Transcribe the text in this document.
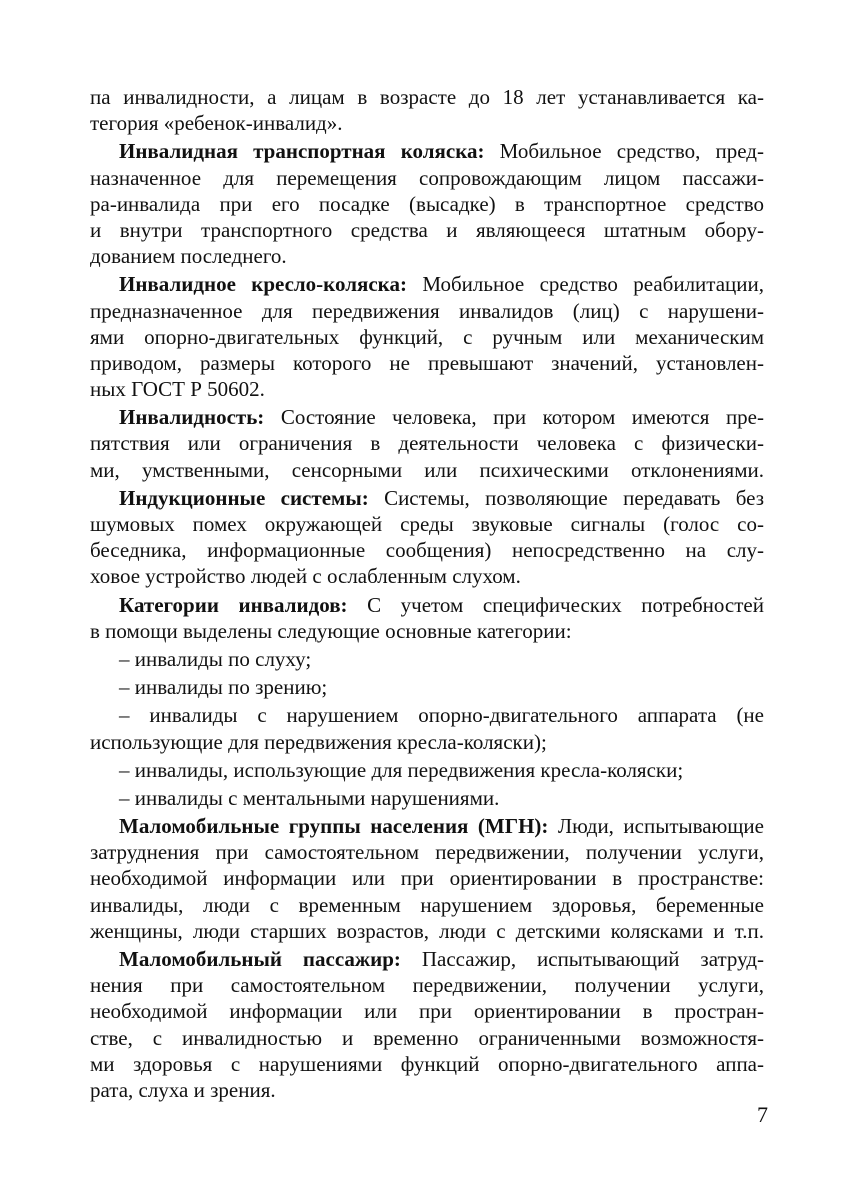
па инвалидности, а лицам в возрасте до 18 лет устанавливается ка-
тегория «ребенок-инвалид».
Инвалидная транспортная коляска: Мобильное средство, пред-
назначенное для перемещения сопровождающим лицом пассажи-
ра-инвалида при его посадке (высадке) в транспортное средство
и внутри транспортного средства и являющееся штатным обору-
дованием последнего.
Инвалидное кресло-коляска: Мобильное средство реабилитации,
предназначенное для передвижения инвалидов (лиц) с нарушени-
ями опорно-двигательных функций, с ручным или механическим
приводом, размеры которого не превышают значений, установлен-
ных ГОСТ Р 50602.
Инвалидность: Состояние человека, при котором имеются пре-
пятствия или ограничения в деятельности человека с физически-
ми, умственными, сенсорными или психическими отклонениями.
Индукционные системы: Системы, позволяющие передавать без
шумовых помех окружающей среды звуковые сигналы (голос со-
беседника, информационные сообщения) непосредственно на слу-
ховое устройство людей с ослабленным слухом.
Категории инвалидов: С учетом специфических потребностей
в помощи выделены следующие основные категории:
– инвалиды по слуху;
– инвалиды по зрению;
– инвалиды с нарушением опорно-двигательного аппарата (не
использующие для передвижения кресла-коляски);
– инвалиды, использующие для передвижения кресла-коляски;
– инвалиды с ментальными нарушениями.
Маломобильные группы населения (МГН): Люди, испытывающие
затруднения при самостоятельном передвижении, получении услуги,
необходимой информации или при ориентировании в пространстве:
инвалиды, люди с временным нарушением здоровья, беременные
женщины, люди старших возрастов, люди с детскими колясками и т.п.
Маломобильный пассажир: Пассажир, испытывающий затруд-
нения при самостоятельном передвижении, получении услуги,
необходимой информации или при ориентировании в простран-
стве, с инвалидностью и временно ограниченными возможностя-
ми здоровья с нарушениями функций опорно-двигательного аппа-
рата, слуха и зрения.
7
